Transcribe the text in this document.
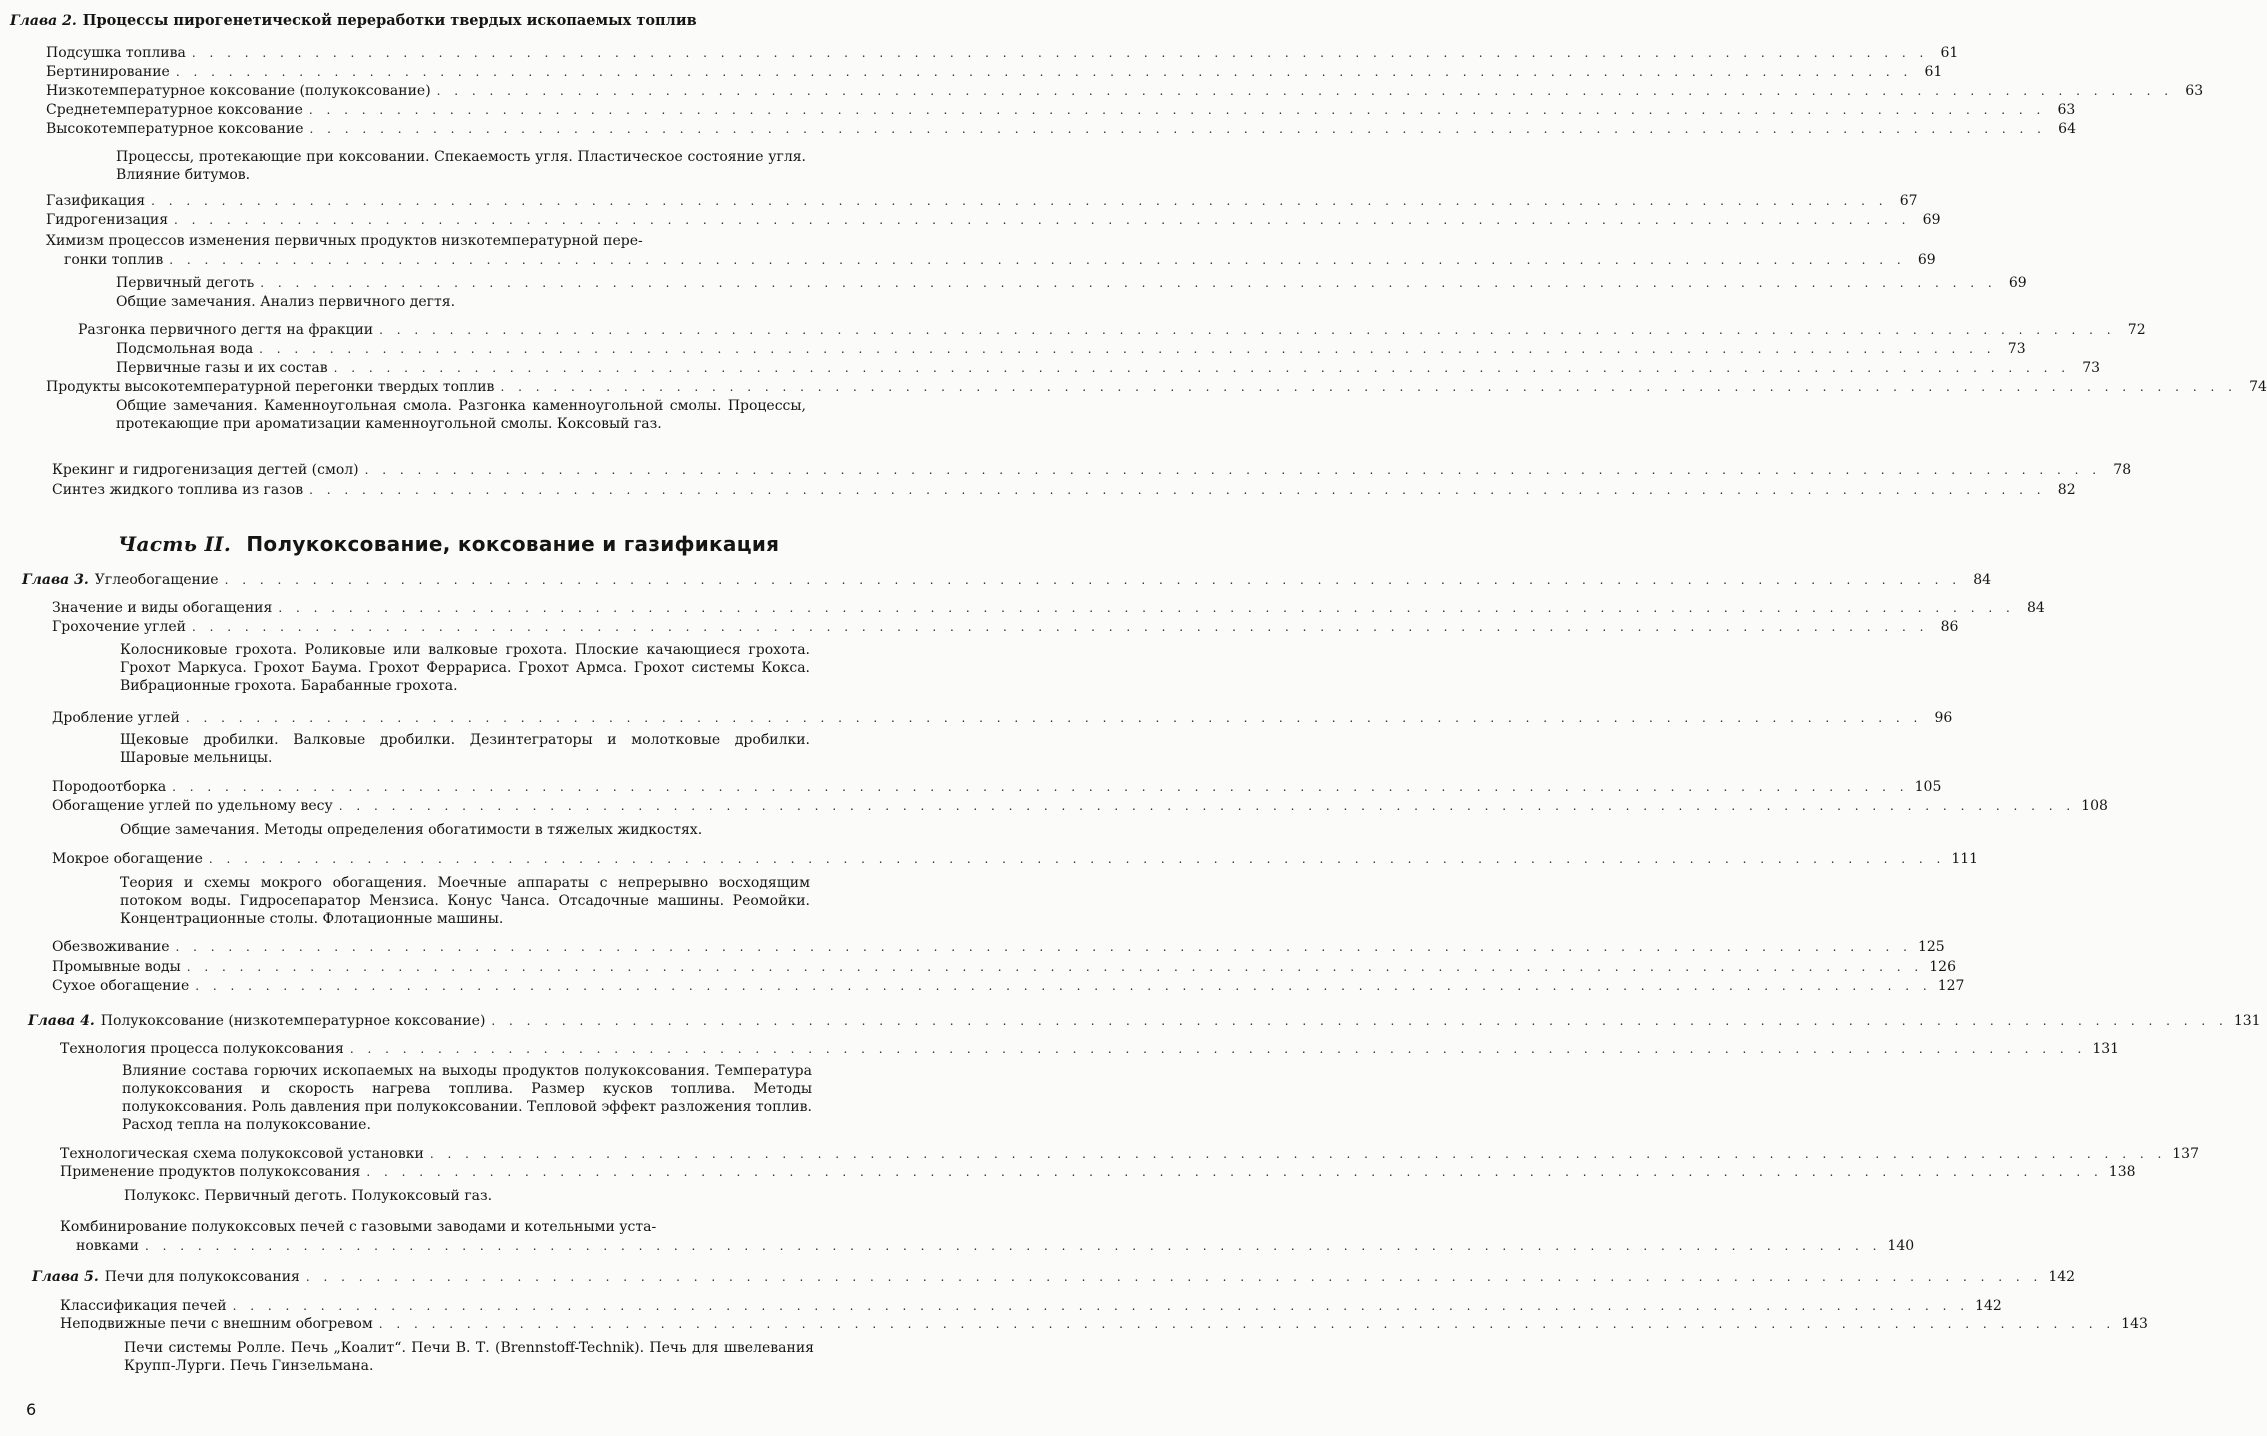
Глава 2. Процессы пирогенетической переработки твердых ископаемых топлив
Подсушка топлива . . . . . . . . . . . . . . . . . . . . . . . . . . . . . . . . . . . . . . . . . . . . . . . . . . . . . . . . . . . . . . . . . . . . . . . . . . . . . . . . . . . . . . . . . . . . . . . . . . . 61
Бертинирование . . . . . . . . . . . . . . . . . . . . . . . . . . . . . . . . . . . . . . . . . . . . . . . . . . . . . . . . . . . . . . . . . . . . . . . . . . . . . . . . . . . . . . . . . . . . . . . . . . . 61
Низкотемпературное коксование (полукоксование) . . . . . . . . . . . . . . . . . . . . . . . . . . . . . . . . . . . . . . . . . . . . . . . . . . . . . . . . . . . . . . . . . . . . . . . . . . . . . . . . . . . . . . . . . . . . . . . . . . . 63
Среднетемпературное коксование . . . . . . . . . . . . . . . . . . . . . . . . . . . . . . . . . . . . . . . . . . . . . . . . . . . . . . . . . . . . . . . . . . . . . . . . . . . . . . . . . . . . . . . . . . . . . . . . . . . 63
Высокотемпературное коксование . . . . . . . . . . . . . . . . . . . . . . . . . . . . . . . . . . . . . . . . . . . . . . . . . . . . . . . . . . . . . . . . . . . . . . . . . . . . . . . . . . . . . . . . . . . . . . . . . . . 64
Процессы, протекающие при коксовании. Спекаемость угля. Пластическое состояние угля. Влияние битумов.
Газификация . . . . . . . . . . . . . . . . . . . . . . . . . . . . . . . . . . . . . . . . . . . . . . . . . . . . . . . . . . . . . . . . . . . . . . . . . . . . . . . . . . . . . . . . . . . . . . . . . . . 67
Гидрогенизация . . . . . . . . . . . . . . . . . . . . . . . . . . . . . . . . . . . . . . . . . . . . . . . . . . . . . . . . . . . . . . . . . . . . . . . . . . . . . . . . . . . . . . . . . . . . . . . . . . . 69
Химизм процессов изменения первичных продуктов низкотемпературной пере-
гонки топлив . . . . . . . . . . . . . . . . . . . . . . . . . . . . . . . . . . . . . . . . . . . . . . . . . . . . . . . . . . . . . . . . . . . . . . . . . . . . . . . . . . . . . . . . . . . . . . . . . . . 69
Первичный деготь . . . . . . . . . . . . . . . . . . . . . . . . . . . . . . . . . . . . . . . . . . . . . . . . . . . . . . . . . . . . . . . . . . . . . . . . . . . . . . . . . . . . . . . . . . . . . . . . . . . 69
Общие замечания. Анализ первичного дегтя.
Разгонка первичного дегтя на фракции . . . . . . . . . . . . . . . . . . . . . . . . . . . . . . . . . . . . . . . . . . . . . . . . . . . . . . . . . . . . . . . . . . . . . . . . . . . . . . . . . . . . . . . . . . . . . . . . . . . 72
Подсмольная вода . . . . . . . . . . . . . . . . . . . . . . . . . . . . . . . . . . . . . . . . . . . . . . . . . . . . . . . . . . . . . . . . . . . . . . . . . . . . . . . . . . . . . . . . . . . . . . . . . . . 73
Первичные газы и их состав . . . . . . . . . . . . . . . . . . . . . . . . . . . . . . . . . . . . . . . . . . . . . . . . . . . . . . . . . . . . . . . . . . . . . . . . . . . . . . . . . . . . . . . . . . . . . . . . . . . 73
Продукты высокотемпературной перегонки твердых топлив . . . . . . . . . . . . . . . . . . . . . . . . . . . . . . . . . . . . . . . . . . . . . . . . . . . . . . . . . . . . . . . . . . . . . . . . . . . . . . . . . . . . . . . . . . . . . . . . . . . 74
Общие замечания. Каменноугольная смола. Разгонка каменноугольной смолы. Процессы, протекающие при ароматизации каменноугольной смолы. Коксовый газ.
Крекинг и гидрогенизация дегтей (смол) . . . . . . . . . . . . . . . . . . . . . . . . . . . . . . . . . . . . . . . . . . . . . . . . . . . . . . . . . . . . . . . . . . . . . . . . . . . . . . . . . . . . . . . . . . . . . . . . . . . 78
Синтез жидкого топлива из газов . . . . . . . . . . . . . . . . . . . . . . . . . . . . . . . . . . . . . . . . . . . . . . . . . . . . . . . . . . . . . . . . . . . . . . . . . . . . . . . . . . . . . . . . . . . . . . . . . . . 82
Часть II. Полукоксование, коксование и газификация
Глава 3. Углеобогащение . . . . . . . . . . . . . . . . . . . . . . . . . . . . . . . . . . . . . . . . . . . . . . . . . . . . . . . . . . . . . . . . . . . . . . . . . . . . . . . . . . . . . . . . . . . . . . . . . . . 84
Значение и виды обогащения . . . . . . . . . . . . . . . . . . . . . . . . . . . . . . . . . . . . . . . . . . . . . . . . . . . . . . . . . . . . . . . . . . . . . . . . . . . . . . . . . . . . . . . . . . . . . . . . . . . 84
Грохочение углей . . . . . . . . . . . . . . . . . . . . . . . . . . . . . . . . . . . . . . . . . . . . . . . . . . . . . . . . . . . . . . . . . . . . . . . . . . . . . . . . . . . . . . . . . . . . . . . . . . . 86
Колосниковые грохота. Роликовые или валковые грохота. Плоские качающиеся грохота. Грохот Маркуса. Грохот Баума. Грохот Феррариса. Грохот Армса. Грохот системы Кокса. Вибрационные грохота. Барабанные грохота.
Дробление углей . . . . . . . . . . . . . . . . . . . . . . . . . . . . . . . . . . . . . . . . . . . . . . . . . . . . . . . . . . . . . . . . . . . . . . . . . . . . . . . . . . . . . . . . . . . . . . . . . . . 96
Щековые дробилки. Валковые дробилки. Дезинтеграторы и молотковые дробилки. Шаровые мельницы.
Породоотборка . . . . . . . . . . . . . . . . . . . . . . . . . . . . . . . . . . . . . . . . . . . . . . . . . . . . . . . . . . . . . . . . . . . . . . . . . . . . . . . . . . . . . . . . . . . . . . . . . . . 105
Обогащение углей по удельному весу . . . . . . . . . . . . . . . . . . . . . . . . . . . . . . . . . . . . . . . . . . . . . . . . . . . . . . . . . . . . . . . . . . . . . . . . . . . . . . . . . . . . . . . . . . . . . . . . . . . 108
Общие замечания. Методы определения обогатимости в тяжелых жидкостях.
Мокрое обогащение . . . . . . . . . . . . . . . . . . . . . . . . . . . . . . . . . . . . . . . . . . . . . . . . . . . . . . . . . . . . . . . . . . . . . . . . . . . . . . . . . . . . . . . . . . . . . . . . . . . 111
Теория и схемы мокрого обогащения. Моечные аппараты с непрерывно восходящим потоком воды. Гидросепаратор Мензиса. Конус Чанса. Отсадочные машины. Реомойки. Концентрационные столы. Флотационные машины.
Обезвоживание . . . . . . . . . . . . . . . . . . . . . . . . . . . . . . . . . . . . . . . . . . . . . . . . . . . . . . . . . . . . . . . . . . . . . . . . . . . . . . . . . . . . . . . . . . . . . . . . . . . 125
Промывные воды . . . . . . . . . . . . . . . . . . . . . . . . . . . . . . . . . . . . . . . . . . . . . . . . . . . . . . . . . . . . . . . . . . . . . . . . . . . . . . . . . . . . . . . . . . . . . . . . . . . 126
Сухое обогащение . . . . . . . . . . . . . . . . . . . . . . . . . . . . . . . . . . . . . . . . . . . . . . . . . . . . . . . . . . . . . . . . . . . . . . . . . . . . . . . . . . . . . . . . . . . . . . . . . . . 127
Глава 4. Полукоксование (низкотемпературное коксование) . . . . . . . . . . . . . . . . . . . . . . . . . . . . . . . . . . . . . . . . . . . . . . . . . . . . . . . . . . . . . . . . . . . . . . . . . . . . . . . . . . . . . . . . . . . . . . . . . . . 131
Технология процесса полукоксования . . . . . . . . . . . . . . . . . . . . . . . . . . . . . . . . . . . . . . . . . . . . . . . . . . . . . . . . . . . . . . . . . . . . . . . . . . . . . . . . . . . . . . . . . . . . . . . . . . . 131
Влияние состава горючих ископаемых на выходы продуктов полукоксования. Температура полукоксования и скорость нагрева топлива. Размер кусков топлива. Методы полукоксования. Роль давления при полукоксовании. Тепловой эффект разложения топлив. Расход тепла на полукоксование.
Технологическая схема полукоксовой установки . . . . . . . . . . . . . . . . . . . . . . . . . . . . . . . . . . . . . . . . . . . . . . . . . . . . . . . . . . . . . . . . . . . . . . . . . . . . . . . . . . . . . . . . . . . . . . . . . . . 137
Применение продуктов полукоксования . . . . . . . . . . . . . . . . . . . . . . . . . . . . . . . . . . . . . . . . . . . . . . . . . . . . . . . . . . . . . . . . . . . . . . . . . . . . . . . . . . . . . . . . . . . . . . . . . . . 138
Полукокс. Первичный деготь. Полукоксовый газ.
Комбинирование полукоксовых печей с газовыми заводами и котельными уста-
новками . . . . . . . . . . . . . . . . . . . . . . . . . . . . . . . . . . . . . . . . . . . . . . . . . . . . . . . . . . . . . . . . . . . . . . . . . . . . . . . . . . . . . . . . . . . . . . . . . . . 140
Глава 5. Печи для полукоксования . . . . . . . . . . . . . . . . . . . . . . . . . . . . . . . . . . . . . . . . . . . . . . . . . . . . . . . . . . . . . . . . . . . . . . . . . . . . . . . . . . . . . . . . . . . . . . . . . . . 142
Классификация печей . . . . . . . . . . . . . . . . . . . . . . . . . . . . . . . . . . . . . . . . . . . . . . . . . . . . . . . . . . . . . . . . . . . . . . . . . . . . . . . . . . . . . . . . . . . . . . . . . . . 142
Неподвижные печи с внешним обогревом . . . . . . . . . . . . . . . . . . . . . . . . . . . . . . . . . . . . . . . . . . . . . . . . . . . . . . . . . . . . . . . . . . . . . . . . . . . . . . . . . . . . . . . . . . . . . . . . . . . 143
Печи системы Ролле. Печь „Коалит“. Печи В. Т. (Brennstoff-Technik). Печь для швелевания Крупп-Лурги. Печь Гинзельмана.
6
